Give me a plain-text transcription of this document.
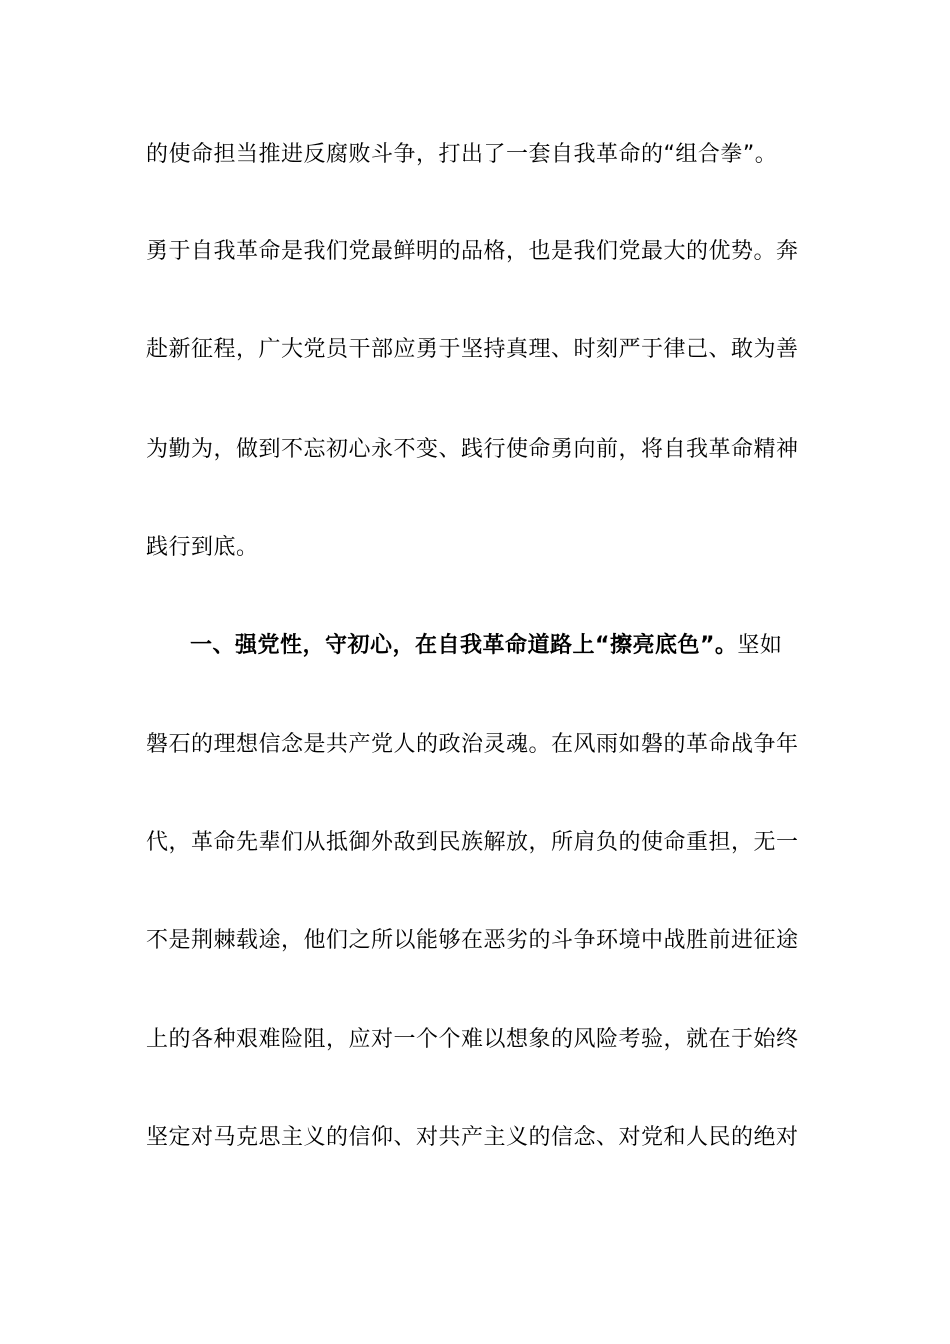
的使命担当推进反腐败斗争，打出了一套自我革命的“组合拳”。
勇于自我革命是我们党最鲜明的品格，也是我们党最大的优势。奔
赴新征程，广大党员干部应勇于坚持真理、时刻严于律己、敢为善
为勤为，做到不忘初心永不变、践行使命勇向前，将自我革命精神
践行到底。
一、强党性，守初心，在自我革命道路上“擦亮底色”。坚如
磐石的理想信念是共产党人的政治灵魂。在风雨如磐的革命战争年
代，革命先辈们从抵御外敌到民族解放，所肩负的使命重担，无一
不是荆棘载途，他们之所以能够在恶劣的斗争环境中战胜前进征途
上的各种艰难险阻，应对一个个难以想象的风险考验，就在于始终
坚定对马克思主义的信仰、对共产主义的信念、对党和人民的绝对
